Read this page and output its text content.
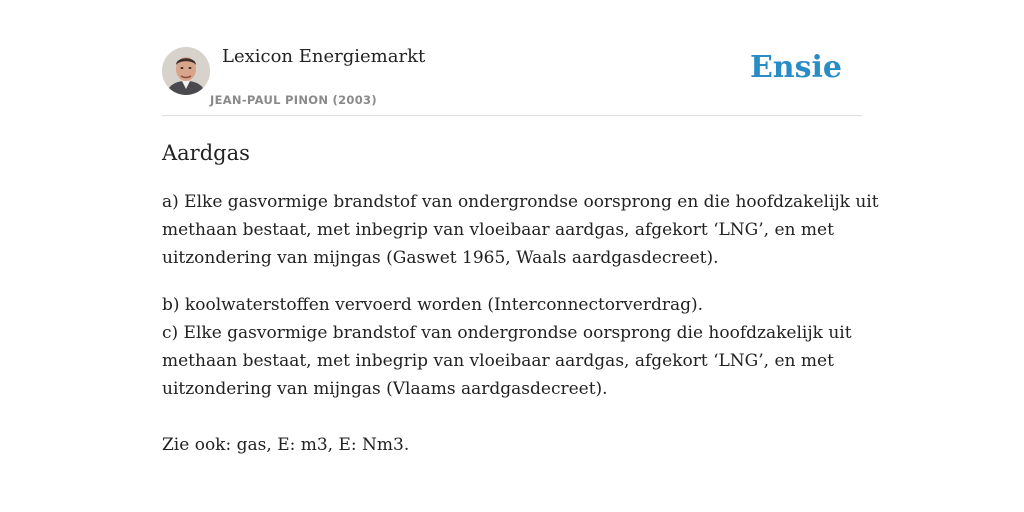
Lexicon Energiemarkt
JEAN-PAUL PINON (2003)
Ensie
Aardgas

a) Elke gasvormige brandstof van ondergrondse oorsprong en die hoofdzakelijk uit
methaan bestaat, met inbegrip van vloeibaar aardgas, afgekort ‘LNG’, en met
uitzondering van mijngas (Gaswet 1965, Waals aardgasdecreet).

b) koolwaterstoffen vervoerd worden (Interconnectorverdrag).
c) Elke gasvormige brandstof van ondergrondse oorsprong die hoofdzakelijk uit
methaan bestaat, met inbegrip van vloeibaar aardgas, afgekort ‘LNG’, en met
uitzondering van mijngas (Vlaams aardgasdecreet).

Zie ook: gas, E: m3, E: Nm3.
